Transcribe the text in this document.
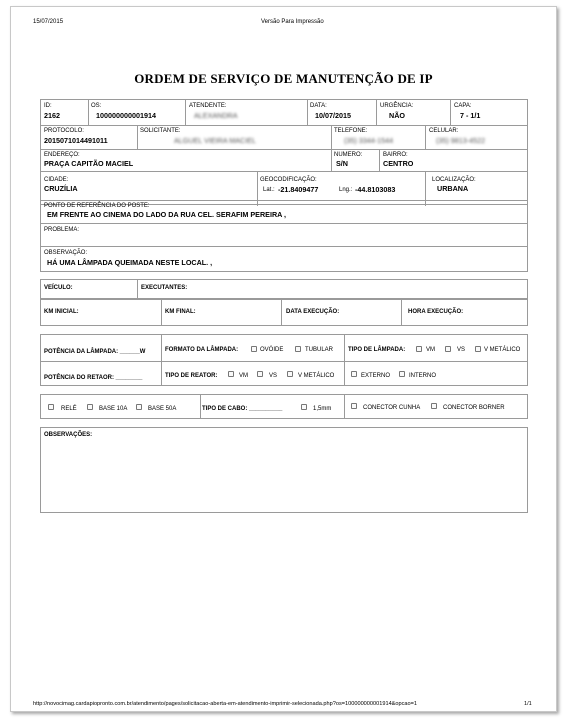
15/07/2015	Versão Para Impressão
ORDEM DE SERVIÇO DE MANUTENÇÃO DE IP
ID:
2162
OS:
100000000001914
ATENDENTE:
ALEXANDRA
DATA:
10/07/2015
URGÊNCIA:
NÃO
CAPA:
7 - 1/1
PROTOCOLO:
2015071014491011
SOLICITANTE:
ALGUEL VIEIRA MACIEL
TELEFONE:
(35) 3344-1544
CELULAR:
(35) 9813-4522
ENDEREÇO:
PRAÇA CAPITÃO MACIEL
NUMERO:
S/N
BAIRRO:
CENTRO
CIDADE:
CRUZÍLIA
GEOCODIFICAÇÃO:
Lat.: -21.8409477	Lng.: -44.8103083
LOCALIZAÇÃO:
URBANA
PONTO DE REFERÊNCIA DO POSTE:
EM FRENTE AO CINEMA DO LADO DA RUA CEL. SERAFIM PEREIRA ,
PROBLEMA:
OBSERVAÇÃO:
HÁ UMA LÂMPADA QUEIMADA NESTE LOCAL. ,
VEÍCULO:	EXECUTANTES:
KM INICIAL:	KM FINAL:	DATA EXECUÇÃO:	HORA EXECUÇÃO:
POTÊNCIA DA LÂMPADA: ______W	FORMATO DA LÂMPADA:	OVÓIDE	TUBULAR TIPO DE LÂMPADA:	VM	VS	V METÁLICO
POTÊNCIA DO RETAOR: ________	TIPO DE REATOR:	VM	VS	V METÁLICO	EXTERNO	INTERNO
RELÉ	BASE 10A	BASE 50A	TIPO DE CABO: __________	1,5mm	CONECTOR CUNHA	CONECTOR BORNER
OBSERVAÇÕES:
http://novocimag.cardapiopronto.com.br/atendimento/pages/solicitacao-aberta-em-atendimento-imprimir-selecionada.php?os=100000000001914&opcao=1	1/1
